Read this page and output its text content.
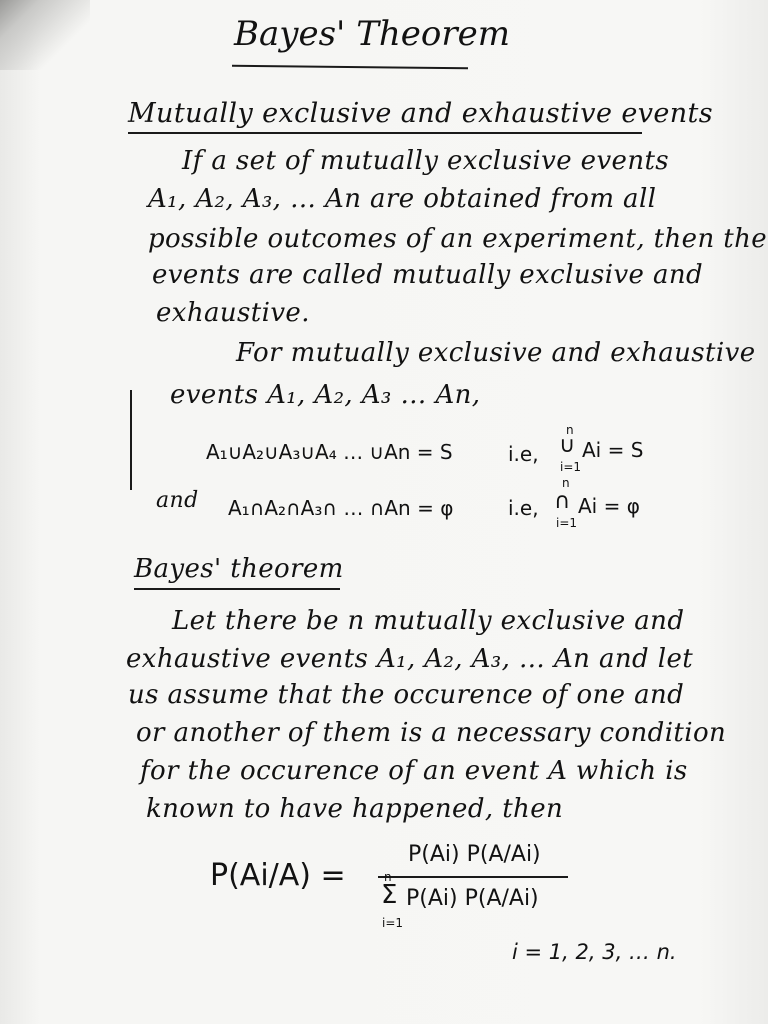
Bayes' Theorem
Mutually exclusive and exhaustive events
If a set of mutually exclusive events
A₁, A₂, A₃, … An are obtained from all
possible outcomes of an experiment, then the
events are called mutually exclusive and
exhaustive.
For mutually exclusive and exhaustive
events A₁, A₂, A₃ … An,
A₁∪A₂∪A₃∪A₄ … ∪An = S	i.e,
n
∪
i=1
Ai = S
and A₁∩A₂∩A₃∩ … ∩An = φ	i.e,
n
∩
i=1
Ai = φ
Bayes' theorem
Let there be n mutually exclusive and
exhaustive events A₁, A₂, A₃, … An and let
us assume that the occurence of one and
or another of them is a necessary condition
for the occurence of an event A which is
known to have happened, then
P(Ai/A) =
P(Ai) P(A/Ai)
n
Σ
i=1
P(Ai) P(A/Ai)
i = 1, 2, 3, … n.
